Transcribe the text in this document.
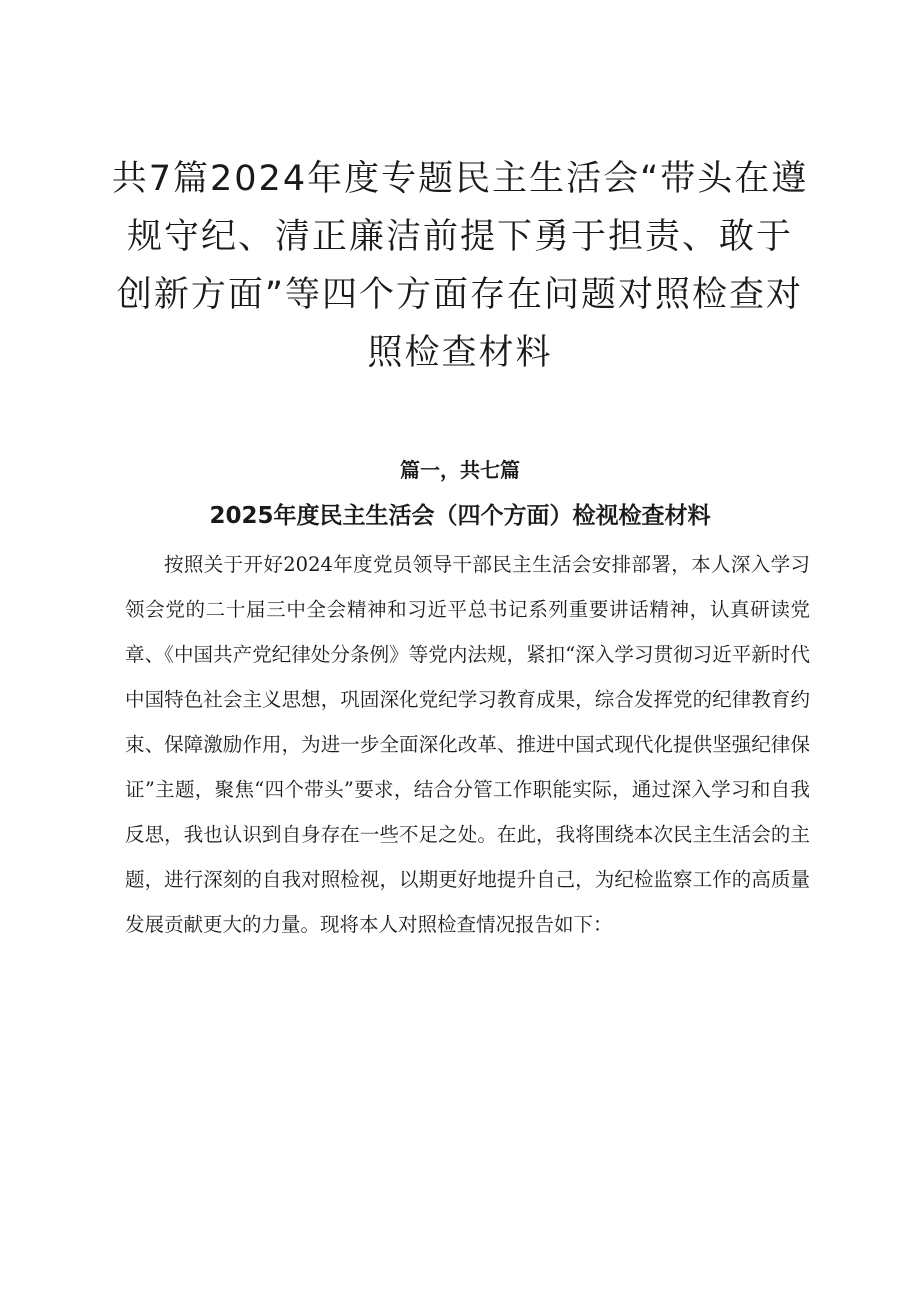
共7篇2024年度专题民主生活会“带头在遵规守纪、清正廉洁前提下勇于担责、敢于创新方面”等四个方面存在问题对照检查对照检查材料
篇一，共七篇
2025年度民主生活会（四个方面）检视检查材料

按照关于开好2024年度党员领导干部民主生活会安排部署，本人深入学习领会党的二十届三中全会精神和习近平总书记系列重要讲话精神，认真研读党章、《中国共产党纪律处分条例》等党内法规，紧扣“深入学习贯彻习近平新时代中国特色社会主义思想，巩固深化党纪学习教育成果，综合发挥党的纪律教育约束、保障激励作用，为进一步全面深化改革、推进中国式现代化提供坚强纪律保证”主题，聚焦“四个带头”要求，结合分管工作职能实际，通过深入学习和自我反思，我也认识到自身存在一些不足之处。在此，我将围绕本次民主生活会的主题，进行深刻的自我对照检视，以期更好地提升自己，为纪检监察工作的高质量发展贡献更大的力量。现将本人对照检查情况报告如下：
